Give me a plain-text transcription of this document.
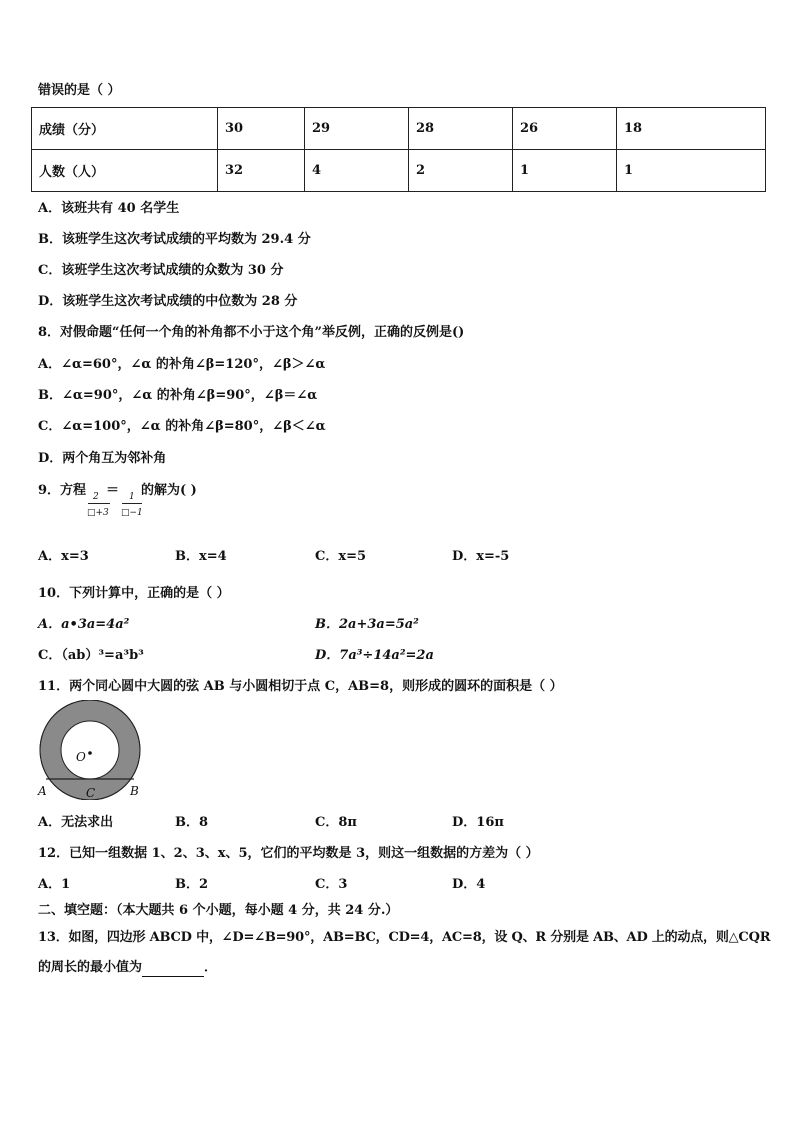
错误的是（ ）
成绩（分）	30	29	28	26	18
人数（人）	32	4	2	1	1
A．该班共有 40 名学生
B．该班学生这次考试成绩的平均数为 29.4 分
C．该班学生这次考试成绩的众数为 30 分
D．该班学生这次考试成绩的中位数为 28 分
8．对假命题“任何一个角的补角都不小于这个角”举反例，正确的反例是()
A．∠α=60°，∠α 的补角∠β=120°，∠β＞∠α
B．∠α=90°，∠α 的补角∠β=90°，∠β＝∠α
C．∠α=100°，∠α 的补角∠β=80°，∠β＜∠α
D．两个角互为邻补角
9．方程 2
□+3
＝ 1
□−1
的解为( )
A．x=3	B．x=4	C．x=5	D．x=-5
10．下列计算中，正确的是（ ）
A．a•3a=4a²	B．2a+3a=5a²
C．（ab）³=a³b³	D．7a³÷14a²=2a
11．两个同心圆中大圆的弦 AB 与小圆相切于点 C，AB=8，则形成的圆环的面积是（ ）
O
A	C	B
A．无法求出	B．8	C．8π	D．16π
12．已知一组数据 1、2、3、x、5，它们的平均数是 3，则这一组数据的方差为（ ）
A．1	B．2	C．3	D．4
二、填空题：（本大题共 6 个小题，每小题 4 分，共 24 分.）
13．如图，四边形 ABCD 中，∠D=∠B=90°，AB=BC，CD=4，AC=8，设 Q、R 分别是 AB、AD 上的动点，则△CQR
的周长的最小值为	．
